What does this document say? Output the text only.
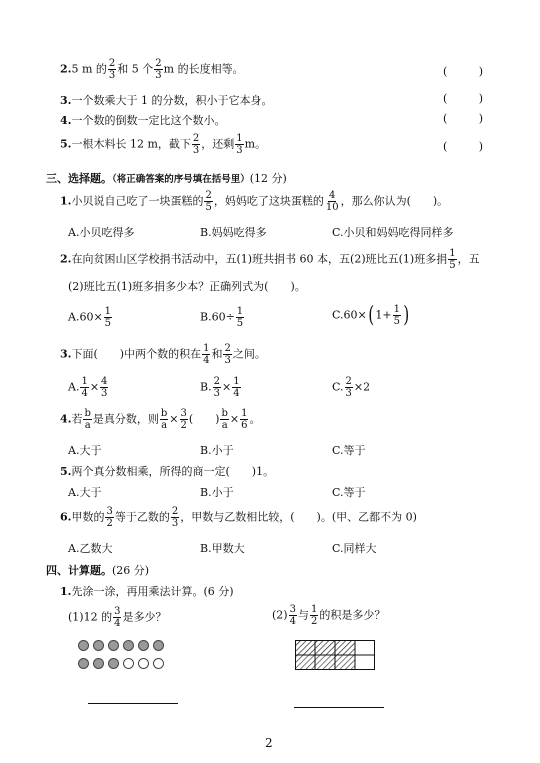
2.5 m 的 $\frac{2}{3}$ 和 5 个 $\frac{2}{3}$ m 的长度相等。	(	)
3.一个数乘大于 1 的分数，积小于它本身。	(	)
4.一个数的倒数一定比这个数小。	(	)
5.一根木料长 12 m，截下 $\frac{2}{3}$ ，还剩 $\frac{1}{3}$ m。	(	)
三、选择题。（将正确答案的序号填在括号里）(12 分)
1.小贝说自己吃了一块蛋糕的 $\frac{2}{5}$ ，妈妈吃了这块蛋糕的 $\frac{4}{10}$ ，那么你认为(　　)。
A.小贝吃得多	B.妈妈吃得多	C.小贝和妈妈吃得同样多
2.在向贫困山区学校捐书活动中，五(1)班共捐书 60 本，五(2)班比五(1)班多捐 $\frac{1}{5}$ ，五
(2)班比五(1)班多捐多少本？正确列式为(　　)。
$A.60\times \frac{1}{5}$	$B.60\div \frac{1}{5}$	$C.60\times(1+ \frac{1}{5}$ )
3.下面(　　)中两个数的积在 $\frac{1}{4}$ 和 $\frac{2}{3}$ 之间。
A. $\frac{1}{4} \times \frac{4}{3}$	B. $\frac{2}{3} \times \frac{1}{4}$	C. $\frac{2}{3} \times 2$
4.若 $\frac{b}{a}$ 是真分数，则 $\frac{b}{a} \times \frac{3}{2}$ (　　) $\frac{b}{a} \times \frac{1}{6}$ 。
A.大于	B.小于	C.等于
5.两个真分数相乘，所得的商一定(　　)1。
A.大于	B.小于	C.等于
6.甲数的 $\frac{3}{2}$ 等于乙数的 $\frac{2}{3}$ ，甲数与乙数相比较，(　　)。(甲、乙都不为 0)
A.乙数大	B.甲数大	C.同样大
四、计算题。(26 分)
1.先涂一涂，再用乘法计算。(6 分)
(1)12 的 $\frac{3}{4}$ 是多少？	$(2) \frac{3}{4}$ 与 $\frac{1}{2}$ 的积是多少？
2
